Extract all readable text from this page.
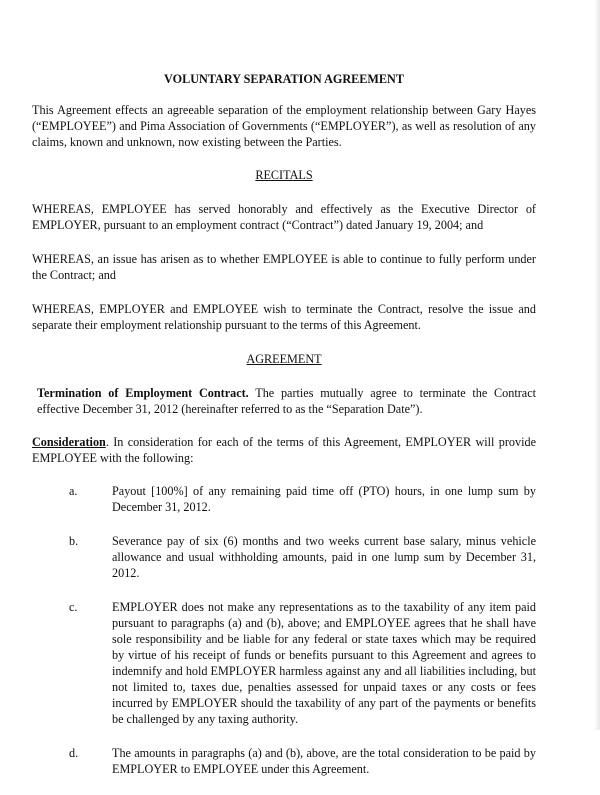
VOLUNTARY SEPARATION AGREEMENT

This Agreement effects an agreeable separation of the employment relationship between Gary Hayes (“EMPLOYEE”) and Pima Association of Governments (“EMPLOYER”), as well as resolution of any claims, known and unknown, now existing between the Parties.

RECITALS

WHEREAS, EMPLOYEE has served honorably and effectively as the Executive Director of EMPLOYER, pursuant to an employment contract (“Contract”) dated January 19, 2004; and

WHEREAS, an issue has arisen as to whether EMPLOYEE is able to continue to fully perform under the Contract; and

WHEREAS, EMPLOYER and EMPLOYEE wish to terminate the Contract, resolve the issue and separate their employment relationship pursuant to the terms of this Agreement.

AGREEMENT

Termination of Employment Contract. The parties mutually agree to terminate the Contract effective December 31, 2012 (hereinafter referred to as the “Separation Date”).

Consideration. In consideration for each of the terms of this Agreement, EMPLOYER will provide EMPLOYEE with the following:

a.	Payout [100%] of any remaining paid time off (PTO) hours, in one lump sum by December 31, 2012.
b.	Severance pay of six (6) months and two weeks current base salary, minus vehicle allowance and usual withholding amounts, paid in one lump sum by December 31, 2012.
c.	EMPLOYER does not make any representations as to the taxability of any item paid pursuant to paragraphs (a) and (b), above; and EMPLOYEE agrees that he shall have sole responsibility and be liable for any federal or state taxes which may be required by virtue of his receipt of funds or benefits pursuant to this Agreement and agrees to indemnify and hold EMPLOYER harmless against any and all liabilities including, but not limited to, taxes due, penalties assessed for unpaid taxes or any costs or fees incurred by EMPLOYER should the taxability of any part of the payments or benefits be challenged by any taxing authority.
d.	The amounts in paragraphs (a) and (b), above, are the total consideration to be paid by EMPLOYER to EMPLOYEE under this Agreement.
